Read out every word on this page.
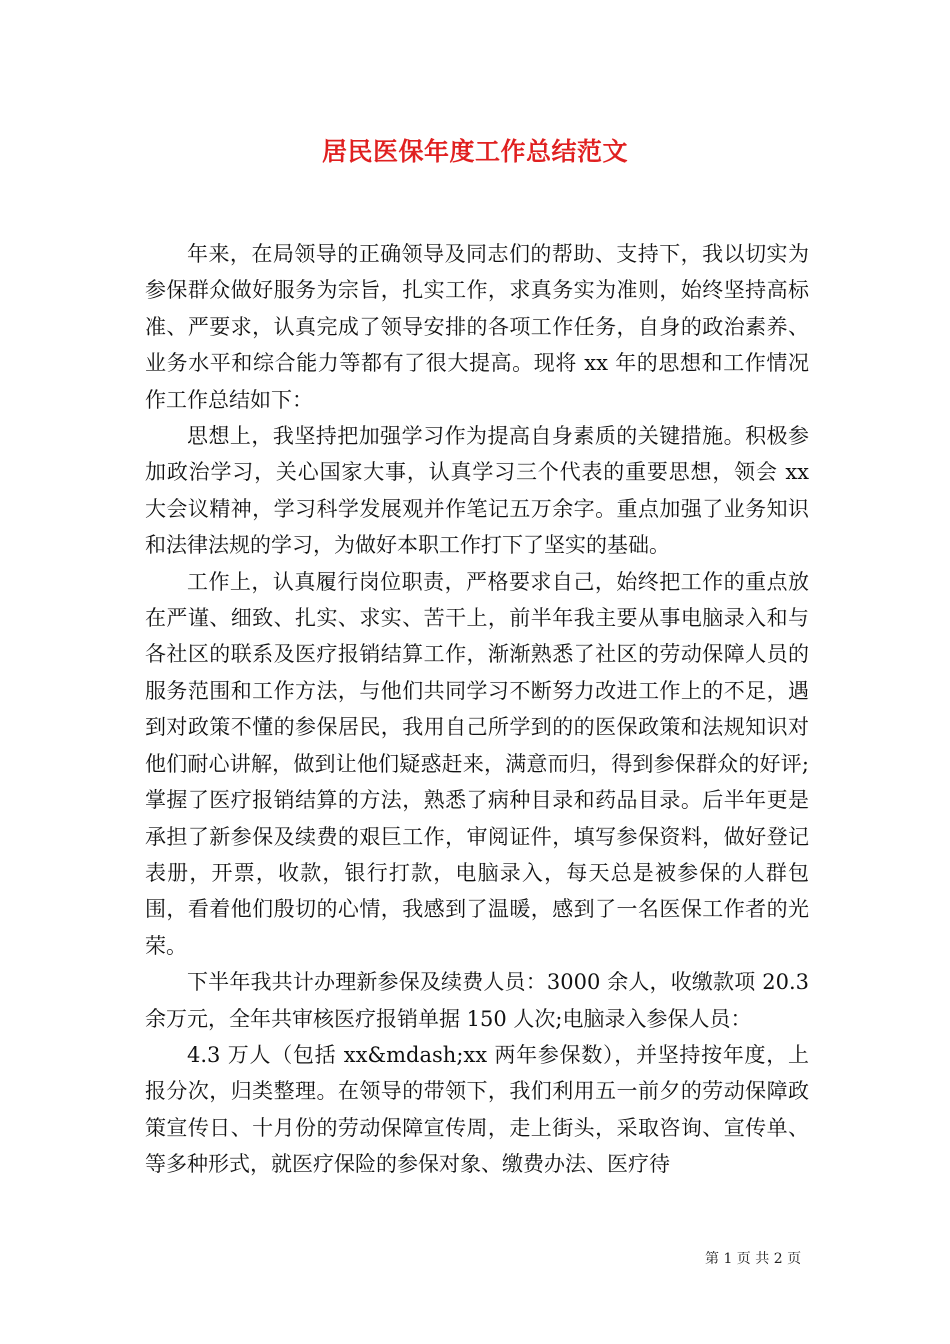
居民医保年度工作总结范文

年来，在局领导的正确领导及同志们的帮助、支持下，我以切实为参保群众做好服务为宗旨，扎实工作，求真务实为准则，始终坚持高标准、严要求，认真完成了领导安排的各项工作任务，自身的政治素养、业务水平和综合能力等都有了很大提高。现将 xx 年的思想和工作情况作工作总结如下：

思想上，我坚持把加强学习作为提高自身素质的关键措施。积极参加政治学习，关心国家大事，认真学习三个代表的重要思想，领会 xx 大会议精神，学习科学发展观并作笔记五万余字。重点加强了业务知识和法律法规的学习，为做好本职工作打下了坚实的基础。

工作上，认真履行岗位职责，严格要求自己，始终把工作的重点放在严谨、细致、扎实、求实、苦干上，前半年我主要从事电脑录入和与各社区的联系及医疗报销结算工作，渐渐熟悉了社区的劳动保障人员的服务范围和工作方法，与他们共同学习不断努力改进工作上的不足，遇到对政策不懂的参保居民，我用自己所学到的的医保政策和法规知识对他们耐心讲解，做到让他们疑惑赶来，满意而归，得到参保群众的好评;掌握了医疗报销结算的方法，熟悉了病种目录和药品目录。后半年更是承担了新参保及续费的艰巨工作，审阅证件，填写参保资料，做好登记表册，开票，收款，银行打款，电脑录入，每天总是被参保的人群包围，看着他们殷切的心情，我感到了温暖，感到了一名医保工作者的光荣。

下半年我共计办理新参保及续费人员：3000 余人，收缴款项 20.3 余万元，全年共审核医疗报销单据 150 人次;电脑录入参保人员：

4.3 万人（包括 xx&mdash;xx 两年参保数），并坚持按年度，上报分次，归类整理。在领导的带领下，我们利用五一前夕的劳动保障政策宣传日、十月份的劳动保障宣传周，走上街头，采取咨询、宣传单、等多种形式，就医疗保险的参保对象、缴费办法、医疗待

第 1 页 共 2 页
